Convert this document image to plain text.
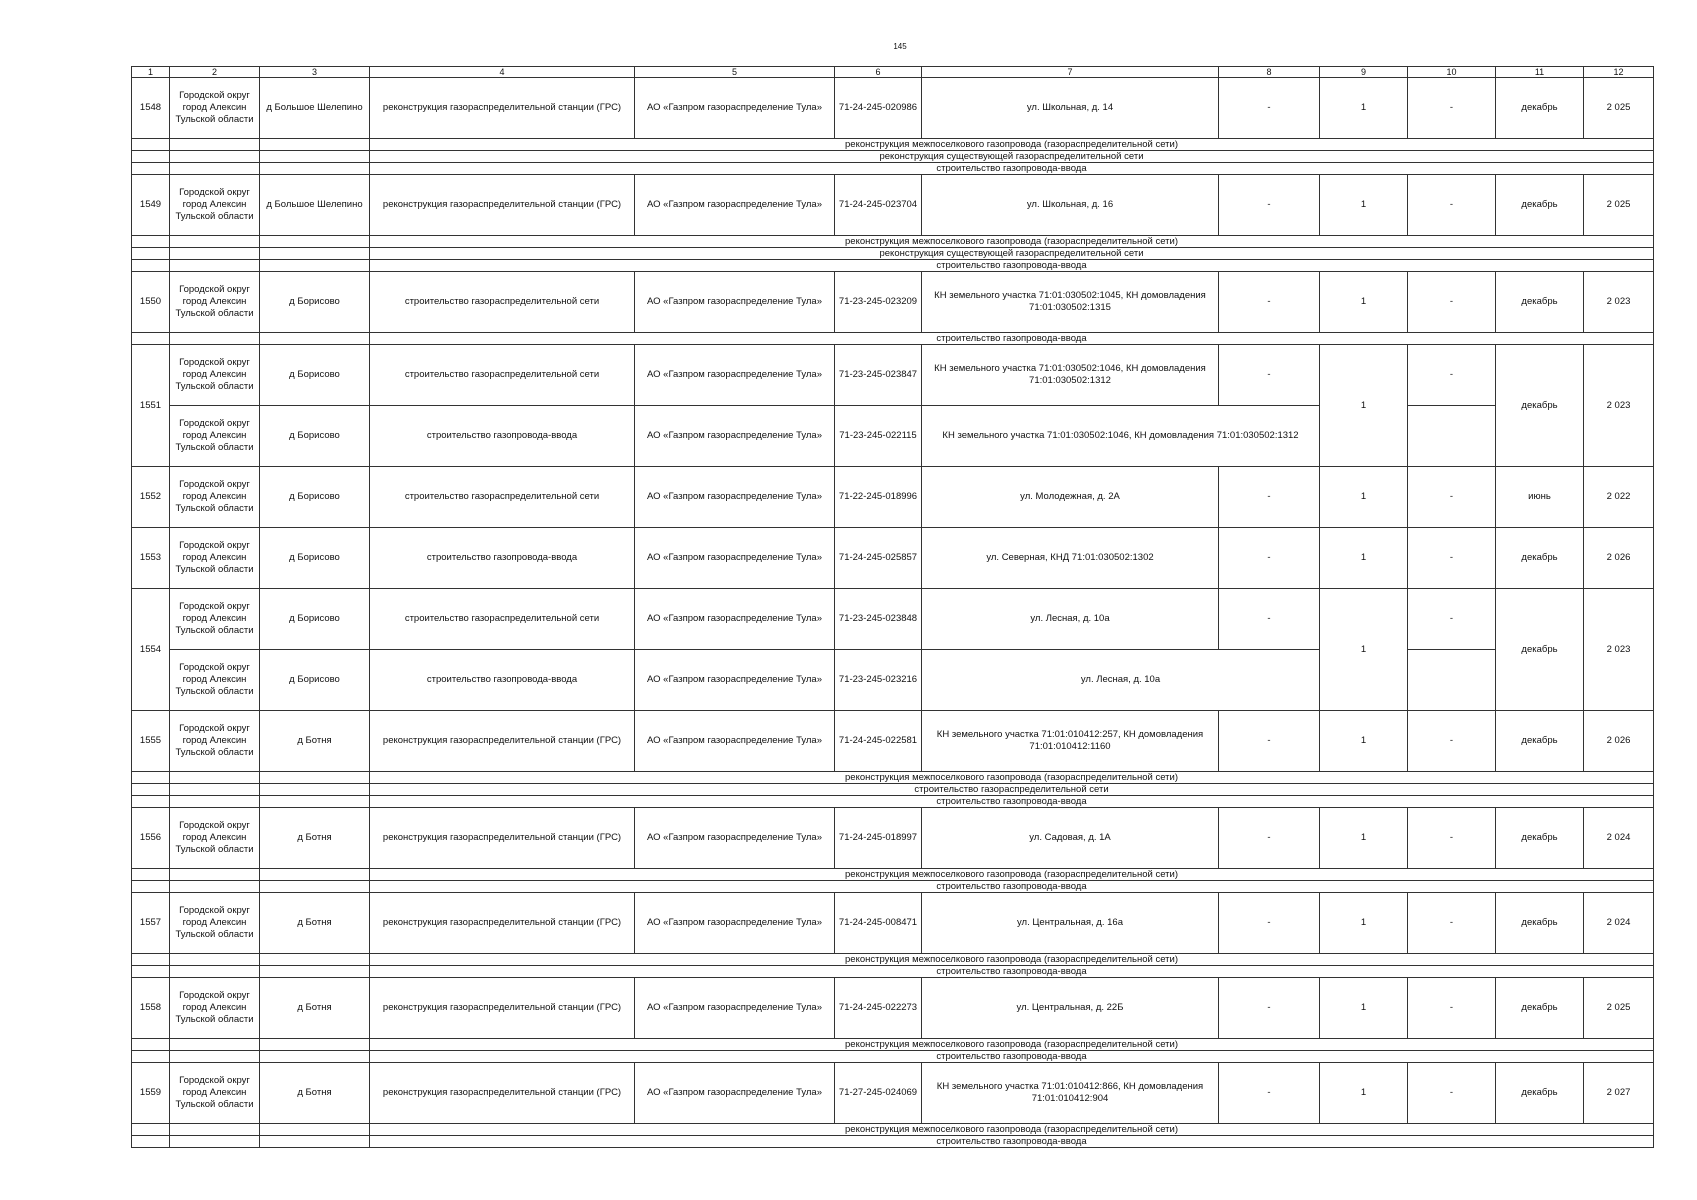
145
1	2	3	4	5	6	7	8	9	10	11	12
1548	Городской округ город Алексин Тульской области	д Большое Шелепино	реконструкция газораспределительной станции (ГРС)	АО «Газпром газораспределение Тула»	71-24-245-020986	ул. Школьная, д. 14	-	1	-	декабрь	2 025
			реконструкция межпоселкового газопровода (газораспределительной сети)								
			реконструкция существующей газораспределительной сети								
			строительство газопровода-ввода								
1549	Городской округ город Алексин Тульской области	д Большое Шелепино	реконструкция газораспределительной станции (ГРС)	АО «Газпром газораспределение Тула»	71-24-245-023704	ул. Школьная, д. 16	-	1	-	декабрь	2 025
			реконструкция межпоселкового газопровода (газораспределительной сети)								
			реконструкция существующей газораспределительной сети								
			строительство газопровода-ввода								
1550	Городской округ город Алексин Тульской области	д Борисово	строительство газораспределительной сети	АО «Газпром газораспределение Тула»	71-23-245-023209	КН земельного участка 71:01:030502:1045, КН домовладения 71:01:030502:1315	-	1	-	декабрь	2 023
			строительство газопровода-ввода								
1551	Городской округ город Алексин Тульской области	д Борисово	строительство газораспределительной сети	АО «Газпром газораспределение Тула»	71-23-245-023847	КН земельного участка 71:01:030502:1046, КН домовладения 71:01:030502:1312	-	1	-	декабрь	2 023
	Городской округ город Алексин Тульской области	д Борисово	строительство газопровода-ввода	АО «Газпром газораспределение Тула»	71-23-245-022115	КН земельного участка 71:01:030502:1046, КН домовладения 71:01:030502:1312					
1552	Городской округ город Алексин Тульской области	д Борисово	строительство газораспределительной сети	АО «Газпром газораспределение Тула»	71-22-245-018996	ул. Молодежная, д. 2А	-	1	-	июнь	2 022
1553	Городской округ город Алексин Тульской области	д Борисово	строительство газопровода-ввода	АО «Газпром газораспределение Тула»	71-24-245-025857	ул. Северная, КНД 71:01:030502:1302	-	1	-	декабрь	2 026
1554	Городской округ город Алексин Тульской области	д Борисово	строительство газораспределительной сети	АО «Газпром газораспределение Тула»	71-23-245-023848	ул. Лесная, д. 10а	-	1	-	декабрь	2 023
	Городской округ город Алексин Тульской области	д Борисово	строительство газопровода-ввода	АО «Газпром газораспределение Тула»	71-23-245-023216	ул. Лесная, д. 10а					
1555	Городской округ город Алексин Тульской области	д Ботня	реконструкция газораспределительной станции (ГРС)	АО «Газпром газораспределение Тула»	71-24-245-022581	КН земельного участка 71:01:010412:257, КН домовладения 71:01:010412:1160	-	1	-	декабрь	2 026
			реконструкция межпоселкового газопровода (газораспределительной сети)								
			строительство газораспределительной сети								
			строительство газопровода-ввода								
1556	Городской округ город Алексин Тульской области	д Ботня	реконструкция газораспределительной станции (ГРС)	АО «Газпром газораспределение Тула»	71-24-245-018997	ул. Садовая, д. 1А	-	1	-	декабрь	2 024
			реконструкция межпоселкового газопровода (газораспределительной сети)								
			строительство газопровода-ввода								
1557	Городской округ город Алексин Тульской области	д Ботня	реконструкция газораспределительной станции (ГРС)	АО «Газпром газораспределение Тула»	71-24-245-008471	ул. Центральная, д. 16а	-	1	-	декабрь	2 024
			реконструкция межпоселкового газопровода (газораспределительной сети)								
			строительство газопровода-ввода								
1558	Городской округ город Алексин Тульской области	д Ботня	реконструкция газораспределительной станции (ГРС)	АО «Газпром газораспределение Тула»	71-24-245-022273	ул. Центральная, д. 22Б	-	1	-	декабрь	2 025
			реконструкция межпоселкового газопровода (газораспределительной сети)								
			строительство газопровода-ввода								
1559	Городской округ город Алексин Тульской области	д Ботня	реконструкция газораспределительной станции (ГРС)	АО «Газпром газораспределение Тула»	71-27-245-024069	КН земельного участка 71:01:010412:866, КН домовладения 71:01:010412:904	-	1	-	декабрь	2 027
			реконструкция межпоселкового газопровода (газораспределительной сети)								
			строительство газопровода-ввода								
